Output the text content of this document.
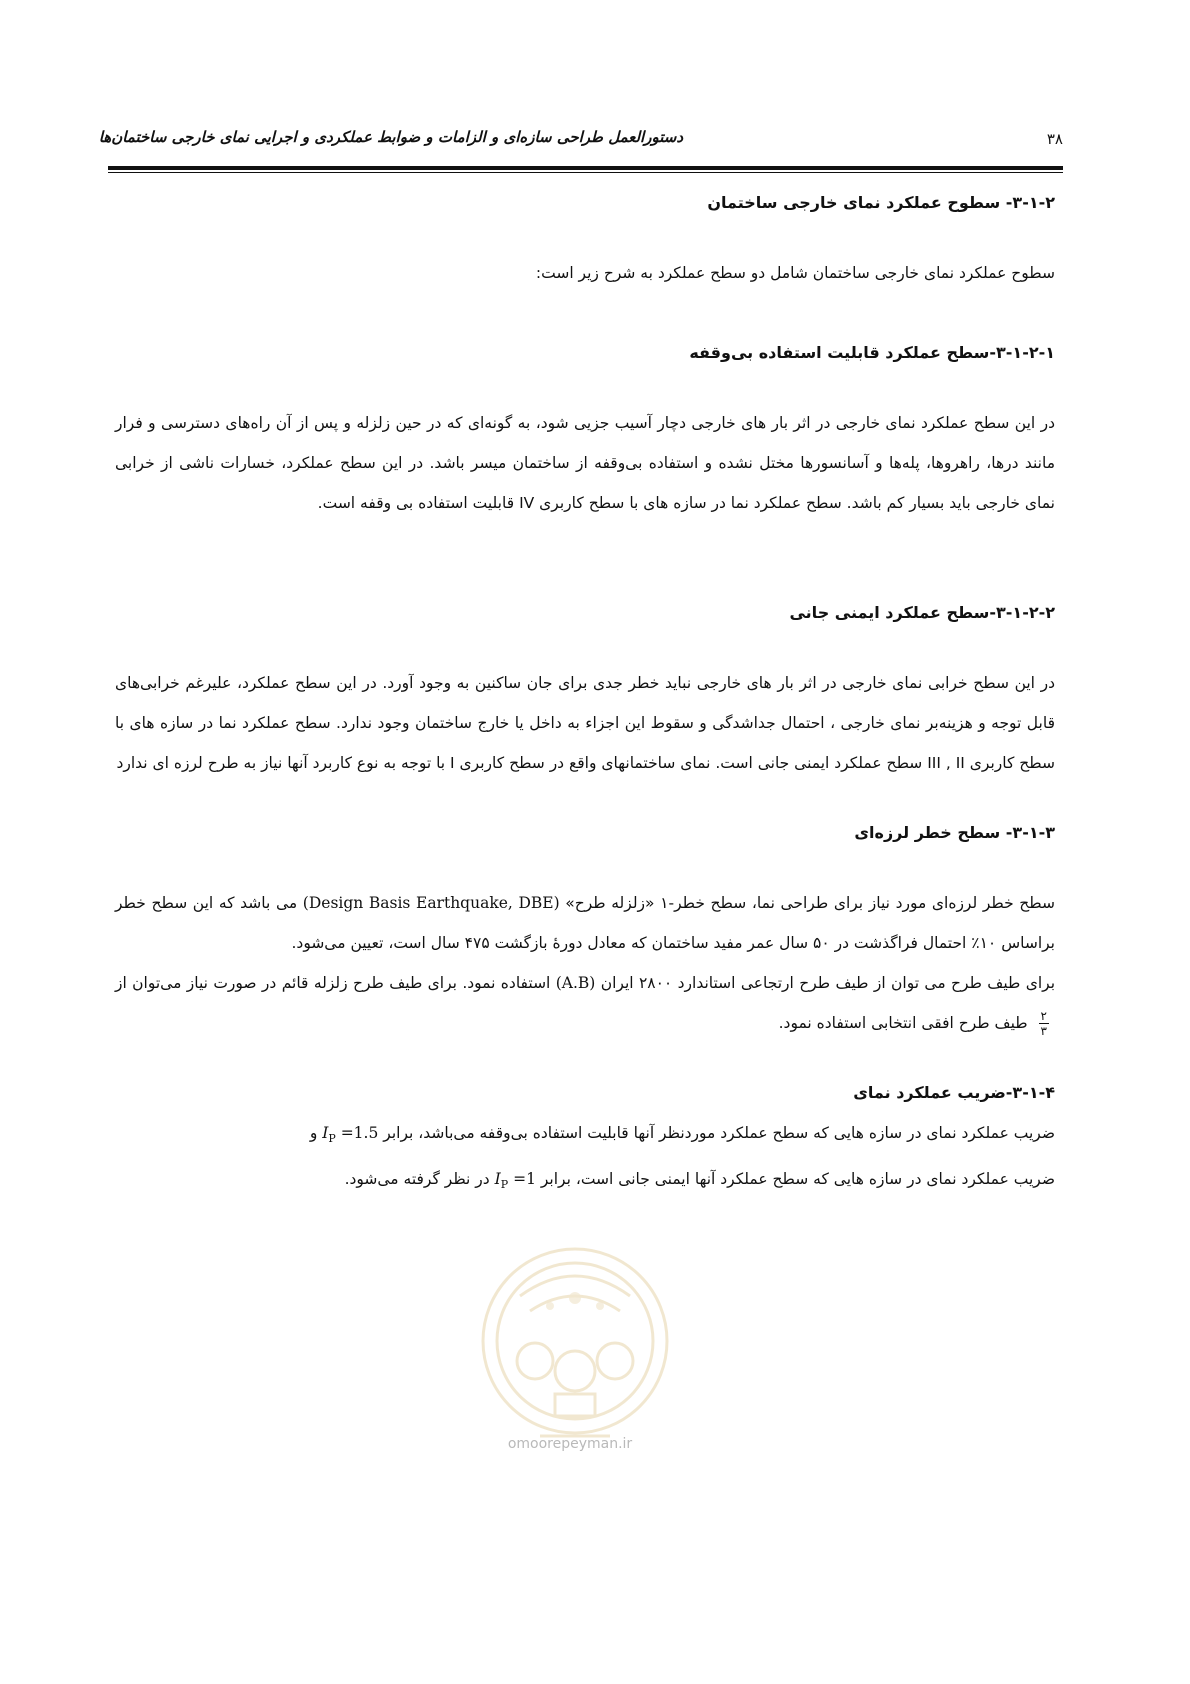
دستورالعمل طراحی سازه‌ای و الزامات و ضوابط عملکردی و اجرایی نمای خارجی ساختمان‌ها	۳۸
۳-۱-۲- سطوح عملکرد نمای خارجی ساختمان

سطوح عملکرد نمای خارجی ساختمان شامل دو سطح عملکرد به شرح زیر است:

۳-۱-۲-۱-سطح عملکرد قابلیت استفاده بی‌وقفه

در این سطح عملکرد نمای خارجی در اثر بار های خارجی دچار آسیب جزیی شود، به گونه‌ای که در حین زلزله و پس از آن راه‌های دسترسی و فرار مانند درها، راهروها، پله‌ها و آسانسورها مختل نشده و استفاده بی‌وقفه از ساختمان میسر باشد. در این سطح عملکرد، خسارات ناشی از خرابی نمای خارجی باید بسیار کم باشد. سطح عملکرد نما در سازه های با سطح کاربری IV قابلیت استفاده بی وقفه است.

۳-۱-۲-۲-سطح عملکرد ایمنی جانی

در این سطح خرابی نمای خارجی در اثر بار های خارجی نباید خطر جدی برای جان ساکنین به وجود آورد. در این سطح عملکرد، علیرغم خرابی‌های قابل توجه و هزینه‌بر نمای خارجی ، احتمال جداشدگی و سقوط این اجزاء به داخل یا خارج ساختمان وجود ندارد. سطح عملکرد نما در سازه های با سطح کاربری III , II سطح عملکرد ایمنی جانی است. نمای ساختمانهای واقع در سطح کاربری I با توجه به نوع کاربرد آنها نیاز به طرح لرزه ای ندارد

۳-۱-۳- سطح خطر لرزه‌ای

سطح خطر لرزه‌ای مورد نیاز برای طراحی نما، سطح خطر-۱ «زلزله طرح» (Design Basis Earthquake, DBE) می باشد که این سطح خطر براساس ۱۰٪ احتمال فراگذشت در ۵۰ سال عمر مفید ساختمان که معادل دورۀ بازگشت ۴۷۵ سال است، تعیین می‌شود.

برای طیف طرح می توان از طیف طرح ارتجاعی استاندارد ۲۸۰۰ ایران (A.B) استفاده نمود. برای طیف طرح زلزله قائم در صورت نیاز می‌توان از
$\frac{۲}{۳}$
طیف طرح افقی انتخابی استفاده نمود.

۳-۱-۴-ضریب عملکرد نمای

ضریب عملکرد نمای در سازه هایی که سطح عملکرد موردنظر آنها قابلیت استفاده بی‌وقفه می‌باشد، برابر $I_P =1.5$ و
ضریب عملکرد نمای در سازه هایی که سطح عملکرد آنها ایمنی جانی است، برابر $I_P =1$ در نظر گرفته می‌شود.

omoorepeyman.ir
